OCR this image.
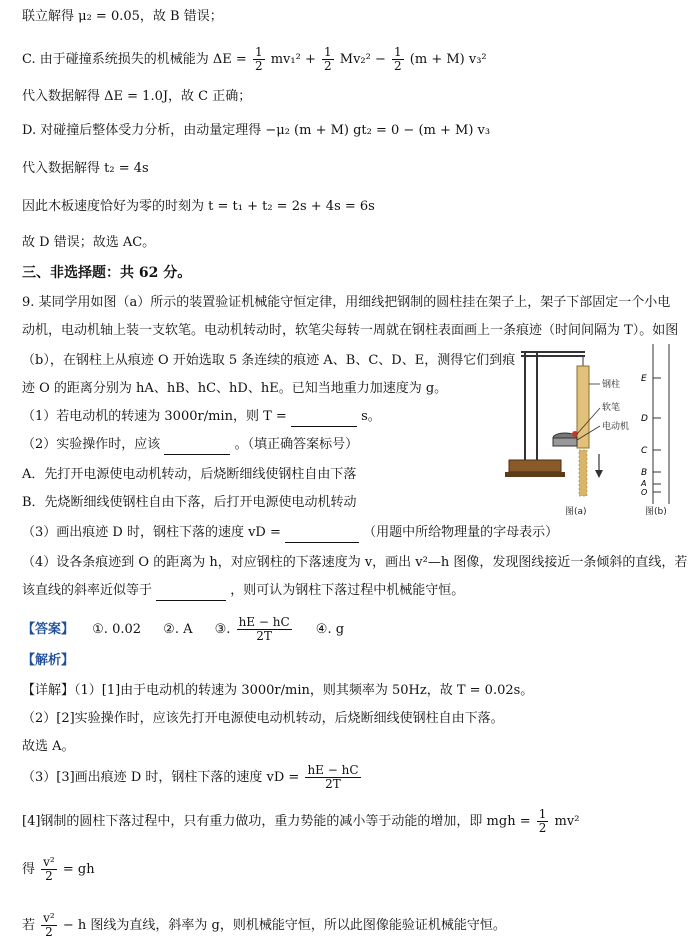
联立解得 μ₂ = 0.05，故 B 错误；
C. 由于碰撞系统损失的机械能为 $\Delta E = \frac{1}{2} mv_1^2 + \frac{1}{2} Mv_2^2 - \frac{1}{2} (m + M)$ v₃²
代入数据解得 ΔE = 1.0J，故 C 正确；
D. 对碰撞后整体受力分析，由动量定理得 −μ₂ (m + M) gt₂ = 0 − (m + M) v₃
代入数据解得 t₂ = 4s
因此木板速度恰好为零的时刻为 t = t₁ + t₂ = 2s + 4s = 6s
故 D 错误；故选 AC。
三、非选择题：共 62 分。
9. 某同学用如图（a）所示的装置验证机械能守恒定律，用细线把钢制的圆柱挂在架子上，架子下部固定一个小电
动机，电动机轴上装一支软笔。电动机转动时，软笔尖每转一周就在钢柱表面画上一条痕迹（时间间隔为 T）。如图
（b），在钢柱上从痕迹 O 开始选取 5 条连续的痕迹 A、B、C、D、E，测得它们到痕
迹 O 的距离分别为 hA、hB、hC、hD、hE。已知当地重力加速度为 g。
（1）若电动机的转速为 3000r/min，则 T =	s。
（2）实验操作时，应该	。（填正确答案标号）
A．先打开电源使电动机转动，后烧断细线使钢柱自由下落
B．先烧断细线使钢柱自由下落，后打开电源使电动机转动
（3）画出痕迹 D 时，钢柱下落的速度 vD =	（用题中所给物理量的字母表示）
（4）设各条痕迹到 O 的距离为 h，对应钢柱的下落速度为 v，画出 v²—h 图像，发现图线接近一条倾斜的直线，若
该直线的斜率近似等于	，则可认为钢柱下落过程中机械能守恒。
【答案】 ①. 0.02 ②. A ③. $\frac{hE - hC}{2T}$ ④. g
【解析】
【详解】（1）[1]由于电动机的转速为 3000r/min，则其频率为 50Hz，故 T = 0.02s。
（2）[2]实验操作时，应该先打开电源使电动机转动，后烧断细线使钢柱自由下落。
故选 A。
（3）[3]画出痕迹 D 时，钢柱下落的速度 vD = $\frac{hE - hC}{2T}$
[4]钢制的圆柱下落过程中，只有重力做功，重力势能的减小等于动能的增加，即 mgh = $\frac{1}{2} mv^2$
得 $\frac{\text{v²}}{2}$ = gh
若 $\frac{\text{v²}}{2} - h$ 图线为直线，斜率为 g，则机械能守恒，所以此图像能验证机械能守恒。
钢柱
软笔
电动机
图(a)
E
D
C
B
A
O
图(b)
